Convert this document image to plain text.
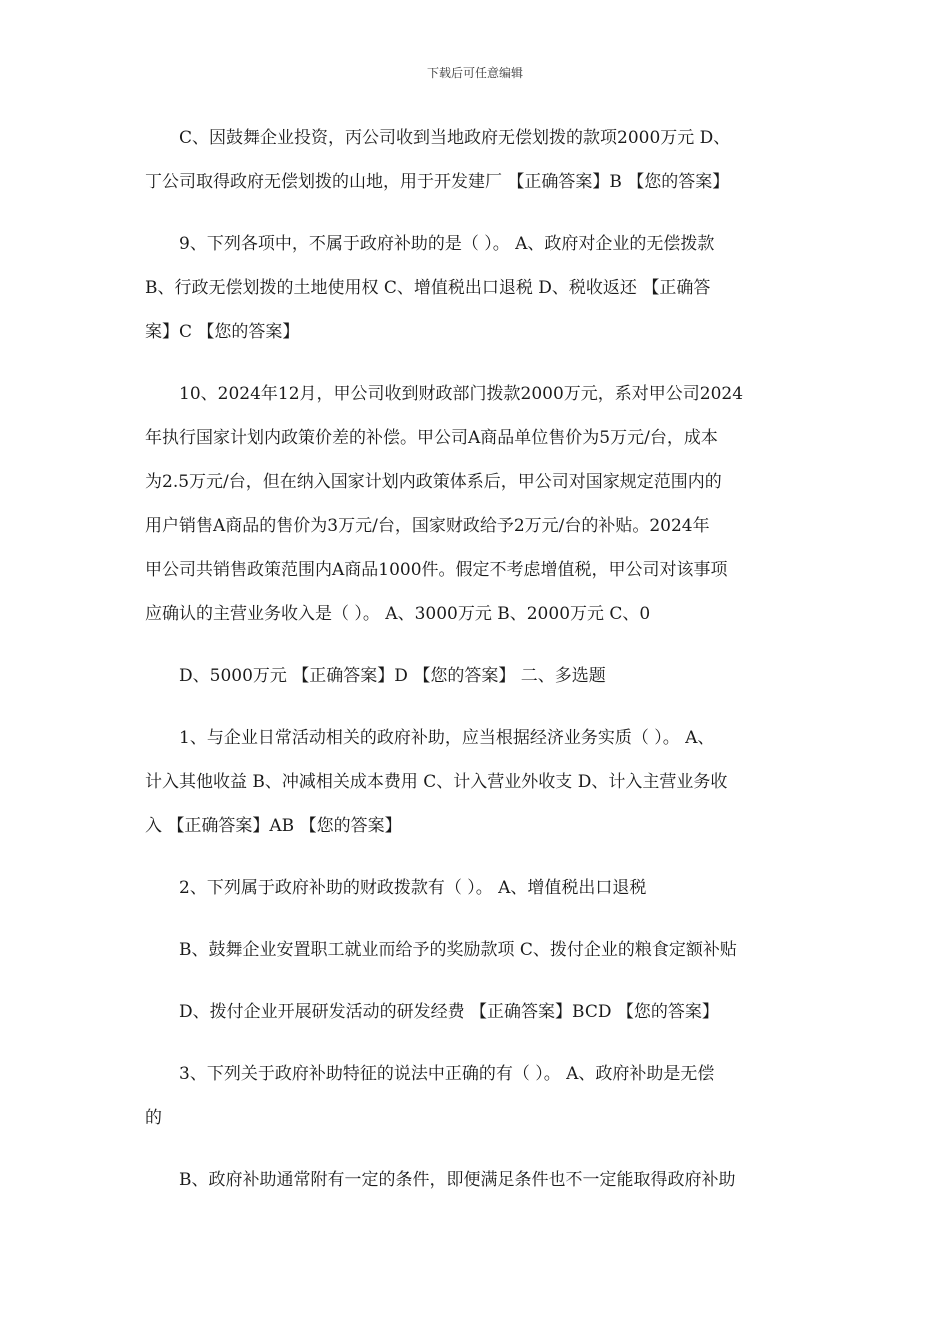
下载后可任意编辑

C、因鼓舞企业投资，丙公司收到当地政府无偿划拨的款项2000万元 D、
丁公司取得政府无偿划拨的山地，用于开发建厂 【正确答案】B 【您的答案】

9、下列各项中，不属于政府补助的是（ ）。 A、政府对企业的无偿拨款
B、行政无偿划拨的土地使用权 C、增值税出口退税 D、税收返还 【正确答
案】C 【您的答案】

10、2024年12月，甲公司收到财政部门拨款2000万元，系对甲公司2024
年执行国家计划内政策价差的补偿。甲公司A商品单位售价为5万元/台，成本
为2.5万元/台，但在纳入国家计划内政策体系后，甲公司对国家规定范围内的
用户销售A商品的售价为3万元/台，国家财政给予2万元/台的补贴。2024年
甲公司共销售政策范围内A商品1000件。假定不考虑增值税，甲公司对该事项
应确认的主营业务收入是（ ）。 A、3000万元 B、2000万元 C、0

D、5000万元 【正确答案】D 【您的答案】 二、多选题

1、与企业日常活动相关的政府补助，应当根据经济业务实质（ ）。 A、
计入其他收益 B、冲减相关成本费用 C、计入营业外收支 D、计入主营业务收
入 【正确答案】AB 【您的答案】

2、下列属于政府补助的财政拨款有（ ）。 A、增值税出口退税

B、鼓舞企业安置职工就业而给予的奖励款项 C、拨付企业的粮食定额补贴

D、拨付企业开展研发活动的研发经费 【正确答案】BCD 【您的答案】

3、下列关于政府补助特征的说法中正确的有（ ）。 A、政府补助是无偿
的

B、政府补助通常附有一定的条件，即便满足条件也不一定能取得政府补助
